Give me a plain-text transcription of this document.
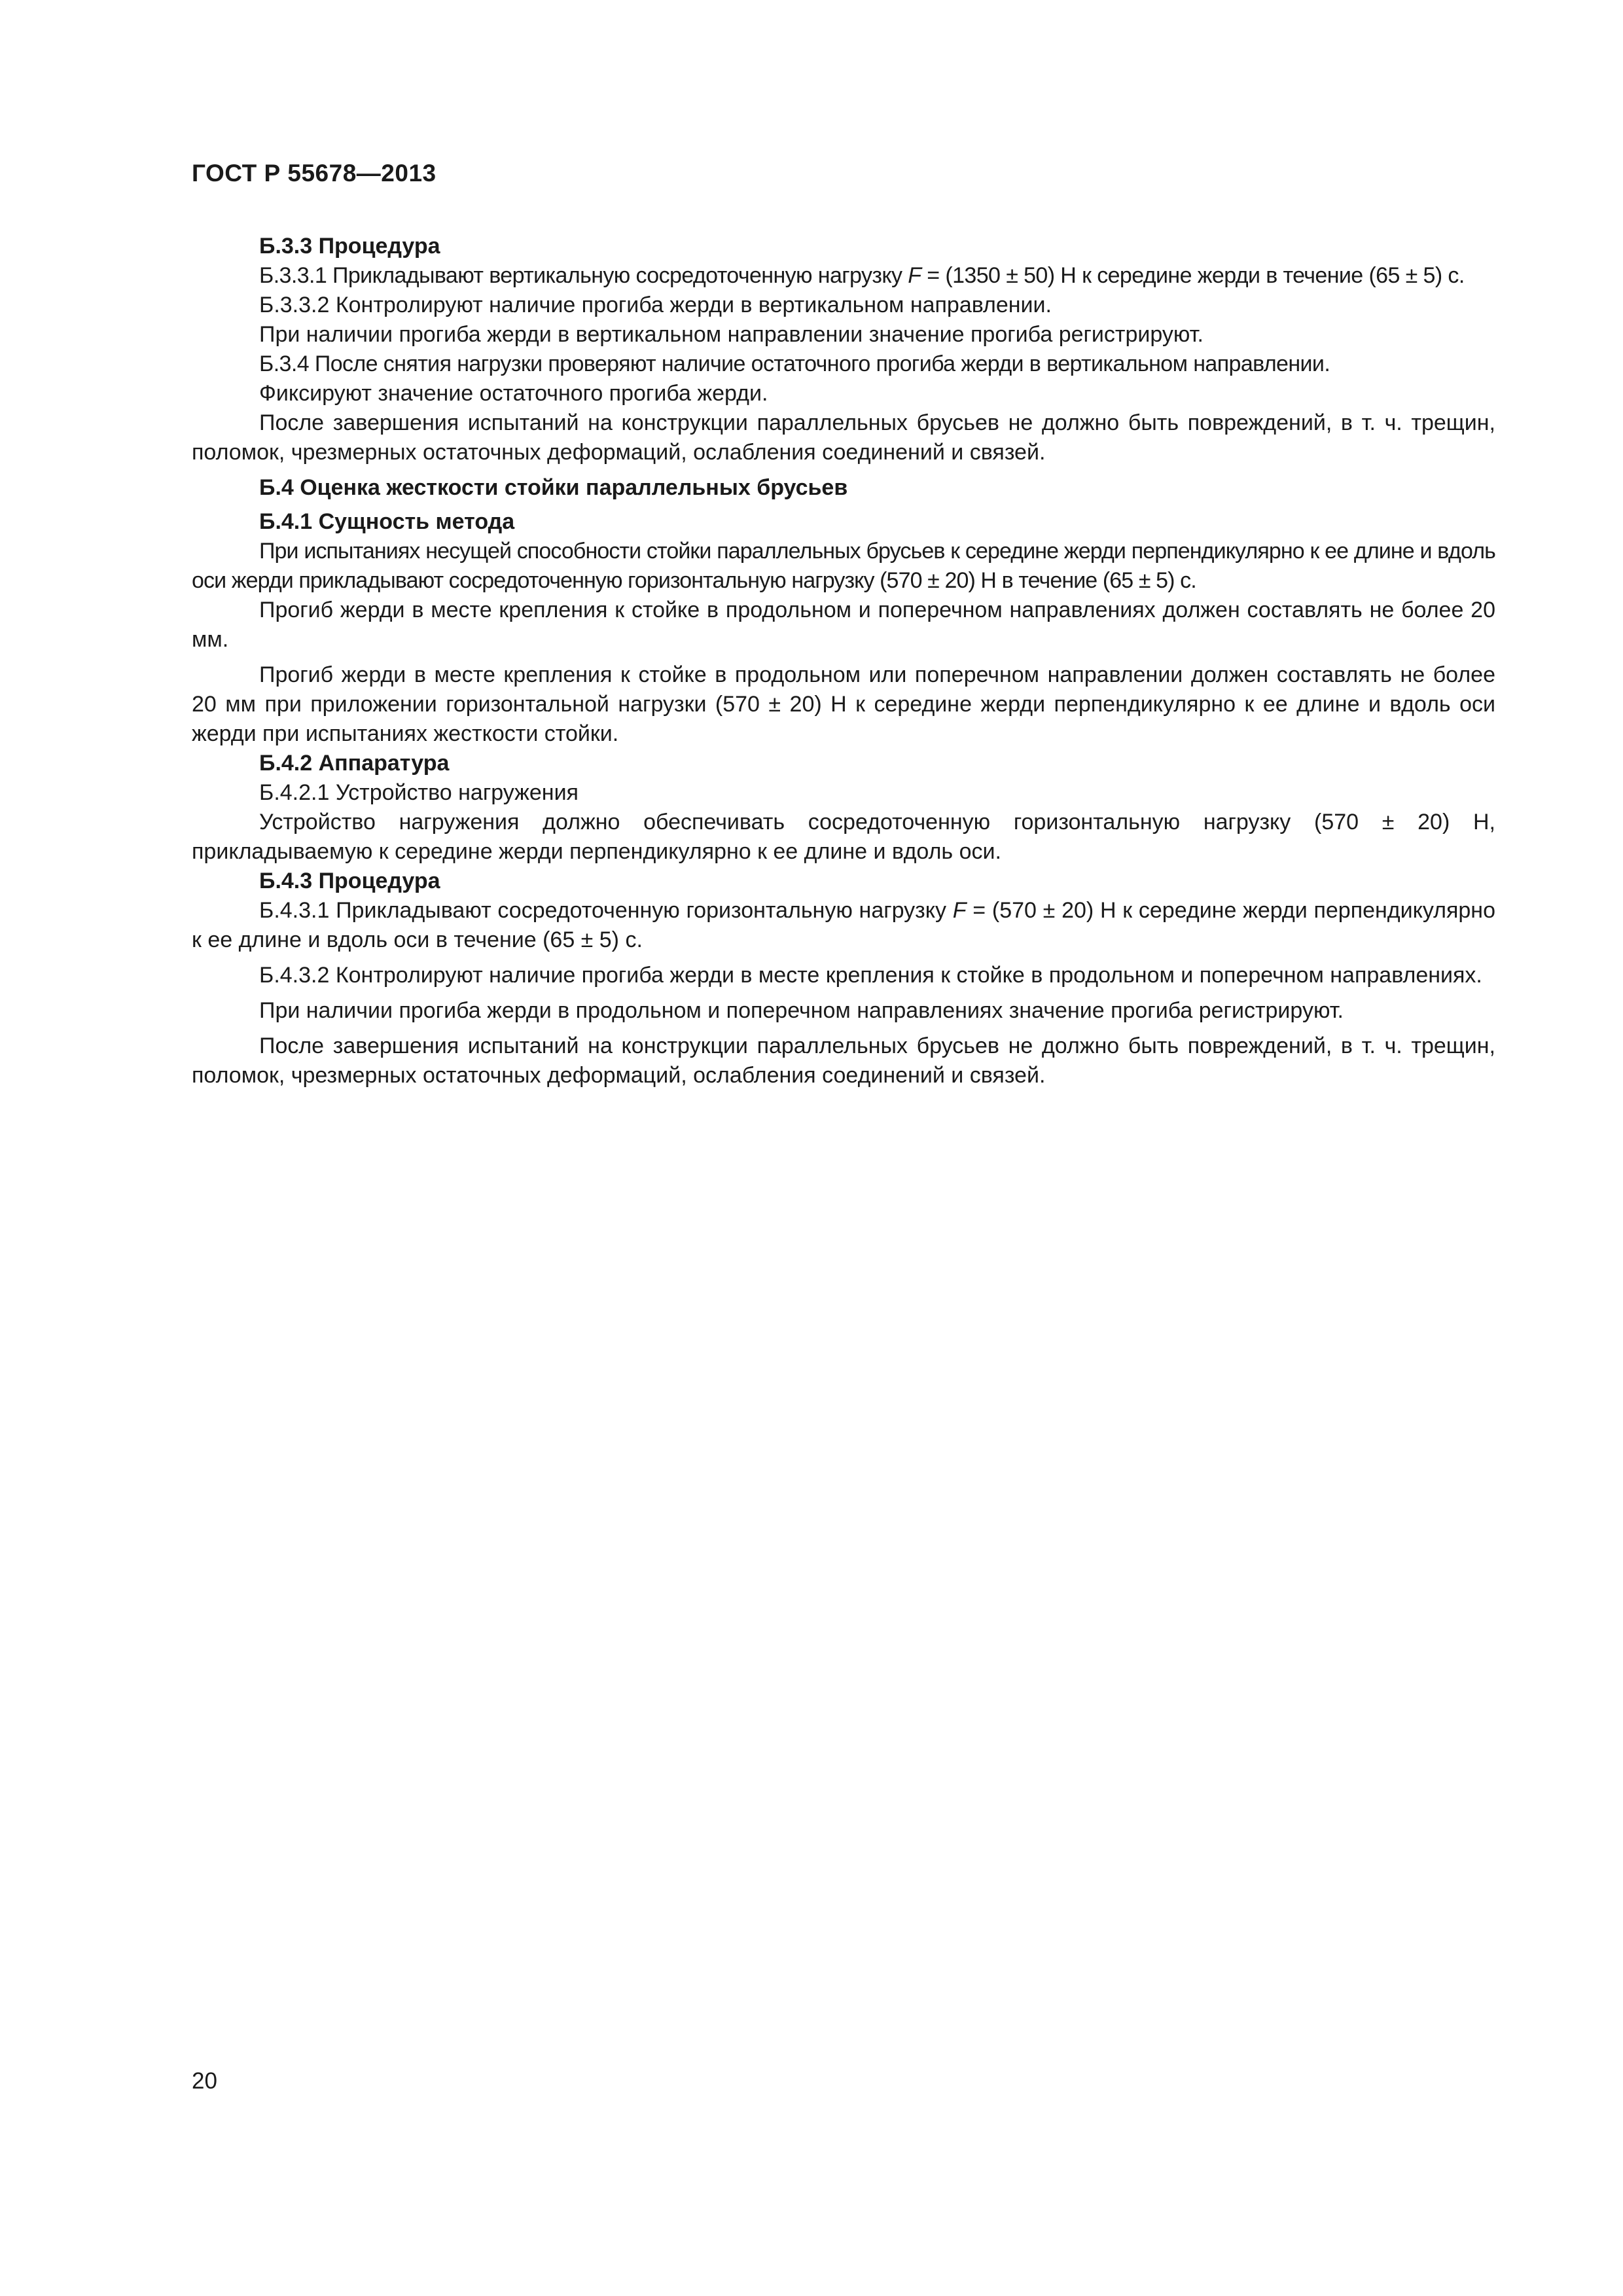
ГОСТ Р 55678—2013

Б.3.3 Процедура

Б.3.3.1 Прикладывают вертикальную сосредоточенную нагрузку F = (1350 ± 50) Н к середине жерди в течение (65 ± 5) с.

Б.3.3.2 Контролируют наличие прогиба жерди в вертикальном направлении.

При наличии прогиба жерди в вертикальном направлении значение прогиба регистрируют.

Б.3.4 После снятия нагрузки проверяют наличие остаточного прогиба жерди в вертикальном направлении.

Фиксируют значение остаточного прогиба жерди.

После завершения испытаний на конструкции параллельных брусьев не должно быть повреждений, в т. ч. трещин, поломок, чрезмерных остаточных деформаций, ослабления соединений и связей.

Б.4 Оценка жесткости стойки параллельных брусьев

Б.4.1 Сущность метода

При испытаниях несущей способности стойки параллельных брусьев к середине жерди перпендикулярно к ее длине и вдоль оси жерди прикладывают сосредоточенную горизонтальную нагрузку (570 ± 20) Н в течение (65 ± 5) с.

Прогиб жерди в месте крепления к стойке в продольном и поперечном направлениях должен составлять не более 20 мм.

Прогиб жерди в месте крепления к стойке в продольном или поперечном направлении должен составлять не более 20 мм при приложении горизонтальной нагрузки (570 ± 20) Н к середине жерди перпендикулярно к ее длине и вдоль оси жерди при испытаниях жесткости стойки.

Б.4.2 Аппаратура

Б.4.2.1 Устройство нагружения

Устройство нагружения должно обеспечивать сосредоточенную горизонтальную нагрузку (570 ± 20) Н, прикладываемую к середине жерди перпендикулярно к ее длине и вдоль оси.

Б.4.3 Процедура

Б.4.3.1 Прикладывают сосредоточенную горизонтальную нагрузку F = (570 ± 20) Н к середине жерди перпендикулярно к ее длине и вдоль оси в течение (65 ± 5) с.

Б.4.3.2 Контролируют наличие прогиба жерди в месте крепления к стойке в продольном и поперечном направлениях.

При наличии прогиба жерди в продольном и поперечном направлениях значение прогиба регистрируют.

После завершения испытаний на конструкции параллельных брусьев не должно быть повреждений, в т. ч. трещин, поломок, чрезмерных остаточных деформаций, ослабления соединений и связей.

20
